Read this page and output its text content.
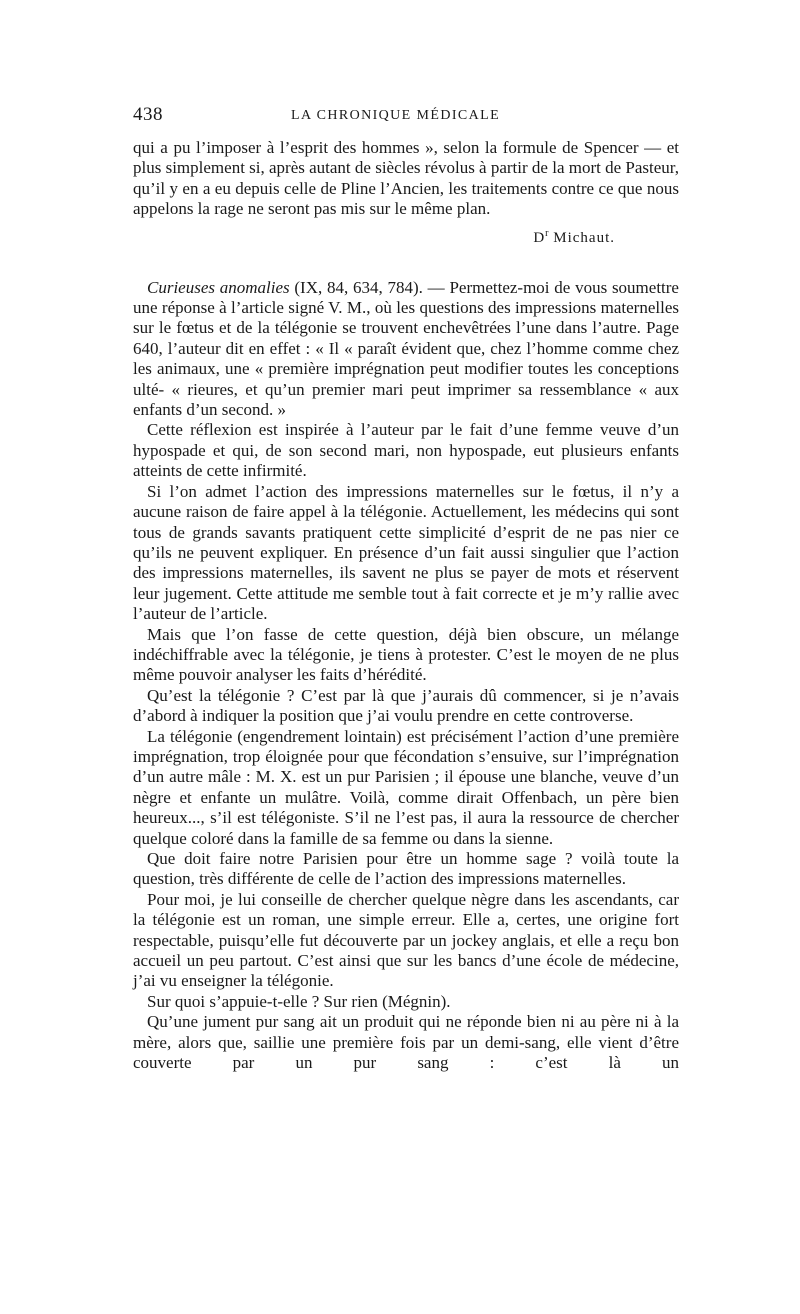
438	LA CHRONIQUE MÉDICALE

qui a pu l’imposer à l’esprit des hommes », selon la formule de Spencer — et plus simplement si, après autant de siècles révolus à partir de la mort de Pasteur, qu’il y en a eu depuis celle de Pline l’Ancien, les traitements contre ce que nous appelons la rage ne seront pas mis sur le même plan.

$D^r$ Michaut.

Curieuses anomalies (IX, 84, 634, 784). — Permettez-moi de vous soumettre une réponse à l’article signé V. M., où les questions des impressions maternelles sur le fœtus et de la télégonie se trouvent enchevêtrées l’une dans l’autre. Page 640, l’auteur dit en effet : « Il « paraît évident que, chez l’homme comme chez les animaux, une « première imprégnation peut modifier toutes les conceptions ulté- « rieures, et qu’un premier mari peut imprimer sa ressemblance « aux enfants d’un second. »

Cette réflexion est inspirée à l’auteur par le fait d’une femme veuve d’un hypospade et qui, de son second mari, non hypospade, eut plusieurs enfants atteints de cette infirmité.

Si l’on admet l’action des impressions maternelles sur le fœtus, il n’y a aucune raison de faire appel à la télégonie. Actuellement, les médecins qui sont tous de grands savants pratiquent cette simplicité d’esprit de ne pas nier ce qu’ils ne peuvent expliquer. En présence d’un fait aussi singulier que l’action des impressions maternelles, ils savent ne plus se payer de mots et réservent leur jugement. Cette attitude me semble tout à fait correcte et je m’y rallie avec l’auteur de l’article.

Mais que l’on fasse de cette question, déjà bien obscure, un mélange indéchiffrable avec la télégonie, je tiens à protester. C’est le moyen de ne plus même pouvoir analyser les faits d’hérédité.

Qu’est la télégonie ? C’est par là que j’aurais dû commencer, si je n’avais d’abord à indiquer la position que j’ai voulu prendre en cette controverse.

La télégonie (engendrement lointain) est précisément l’action d’une première imprégnation, trop éloignée pour que fécondation s’ensuive, sur l’imprégnation d’un autre mâle : M. X. est un pur Parisien ; il épouse une blanche, veuve d’un nègre et enfante un mulâtre. Voilà, comme dirait Offenbach, un père bien heureux..., s’il est télégoniste. S’il ne l’est pas, il aura la ressource de chercher quelque coloré dans la famille de sa femme ou dans la sienne.

Que doit faire notre Parisien pour être un homme sage ? voilà toute la question, très différente de celle de l’action des impressions maternelles.

Pour moi, je lui conseille de chercher quelque nègre dans les ascendants, car la télégonie est un roman, une simple erreur. Elle a, certes, une origine fort respectable, puisqu’elle fut découverte par un jockey anglais, et elle a reçu bon accueil un peu partout. C’est ainsi que sur les bancs d’une école de médecine, j’ai vu enseigner la télégonie.

Sur quoi s’appuie-t-elle ? Sur rien (Mégnin).

Qu’une jument pur sang ait un produit qui ne réponde bien ni au père ni à la mère, alors que, saillie une première fois par un demi-sang, elle vient d’être couverte par un pur sang : c’est là un
